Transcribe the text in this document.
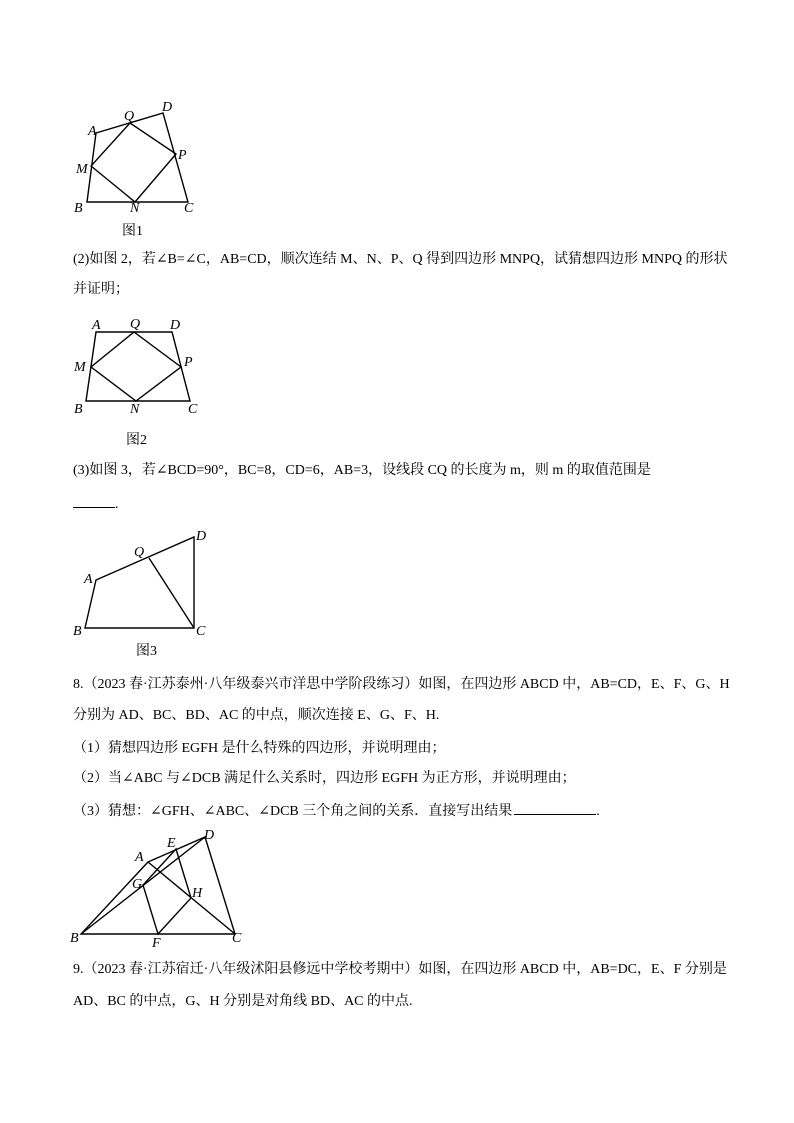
A
D
Q
M
P
B	N	C
图1
(2)如图 2，若∠B=∠C，AB=CD，顺次连结 M、N、P、Q 得到四边形 MNPQ，试猜想四边形 MNPQ 的形状
并证明；
A Q D
M	P
B	N	C
图2
(3)如图 3，若∠BCD=90°，BC=8，CD=6，AB=3，设线段 CQ 的长度为 m，则 m 的取值范围是
.
A
Q
D
B	C
图3
8.（2023 春·江苏泰州·八年级泰兴市洋思中学阶段练习）如图，在四边形 ABCD 中，AB=CD，E、F、G、H
分别为 AD、BC、BD、AC 的中点，顺次连接 E、G、F、H.
（1）猜想四边形 EGFH 是什么特殊的四边形，并说明理由；
（2）当∠ABC 与∠DCB 满足什么关系时，四边形 EGFH 为正方形，并说明理由；
（3）猜想：∠GFH、∠ABC、∠DCB 三个角之间的关系．直接写出结果	.
A
E
D
G
H
B	F	C
9.（2023 春·江苏宿迁·八年级沭阳县修远中学校考期中）如图，在四边形 ABCD 中，AB=DC，E、F 分别是
AD、BC 的中点，G、H 分别是对角线 BD、AC 的中点.
